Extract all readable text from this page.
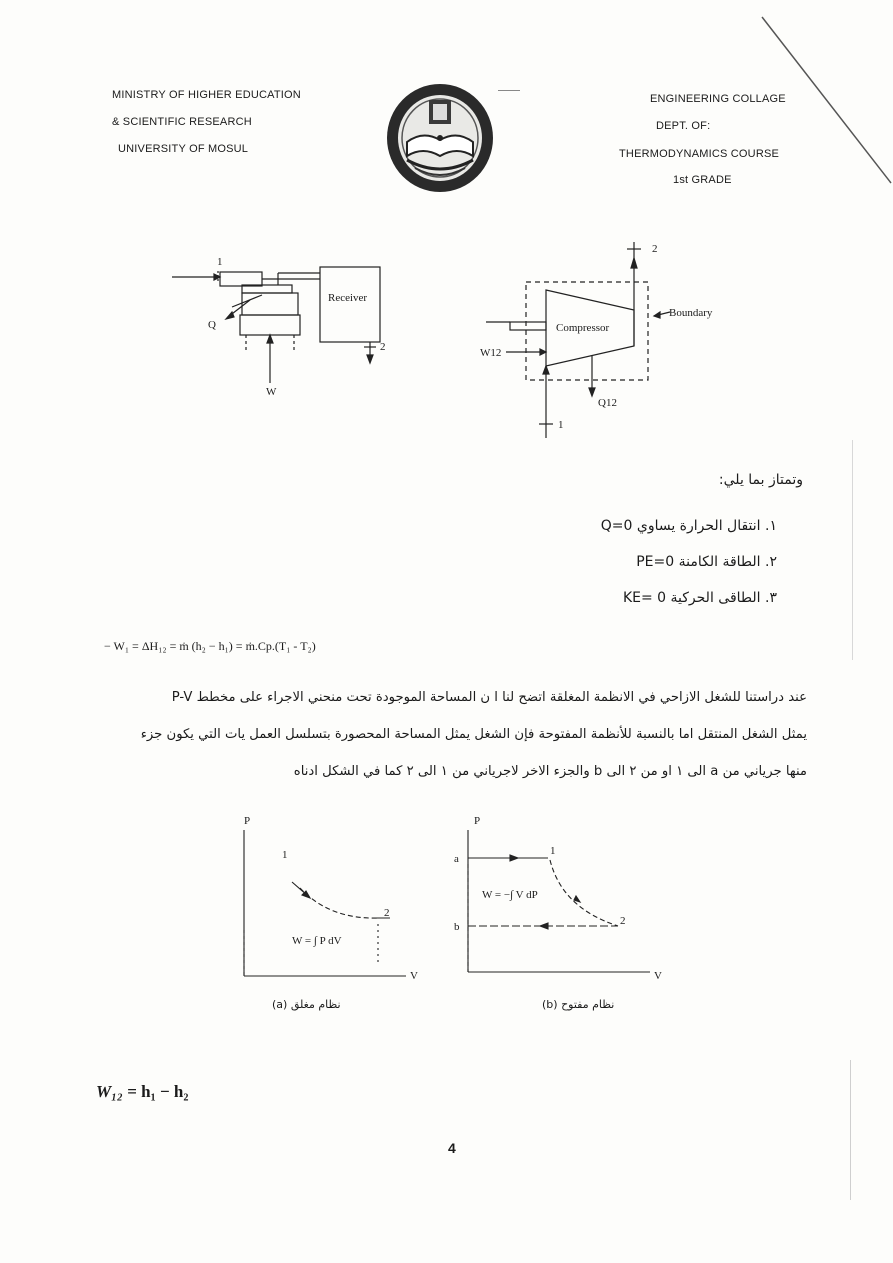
MINISTRY OF HIGHER EDUCATION
& SCIENTIFIC RESEARCH
UNIVERSITY OF MOSUL
ENGINEERING COLLAGE
DEPT. OF:
THERMODYNAMICS COURSE
1st GRADE
1
Q
Receiver
2
W
2
Boundary
Compressor
W12
Q12
1
وتمتاز بما يلي:
١. انتقال الحرارة يساوي Q=0
٢. الطاقة الكامنة PE=0
٣. الطاقى الحركية KE= 0
− W₁ = ΔH₁₂ = ṁ (h₂ − h₁) = ṁ.Cp.(T₁ - T₂)
عند دراستنا للشغل الازاحي في الانظمة المغلقة اتضح لنا ا ن المساحة الموجودة تحت منحني الاجراء على مخطط P-V
يمثل الشغل المنتقل اما بالنسبة للأنظمة المفتوحة فإن الشغل يمثل المساحة المحصورة بتسلسل العمل يات التي يكون جزء
منها جرياني من a الى ١ او من ٢ الى b والجزء الاخر لاجرياني من ١ الى ٢ كما في الشكل ادناه
P
V
1
2
W = ∫ P dV
(a) نظام مغلق
P
V
a
b
1
2
W = −∫ V dP
(b) نظام مفتوح
W₁₂ = h₁ − h₂
4
